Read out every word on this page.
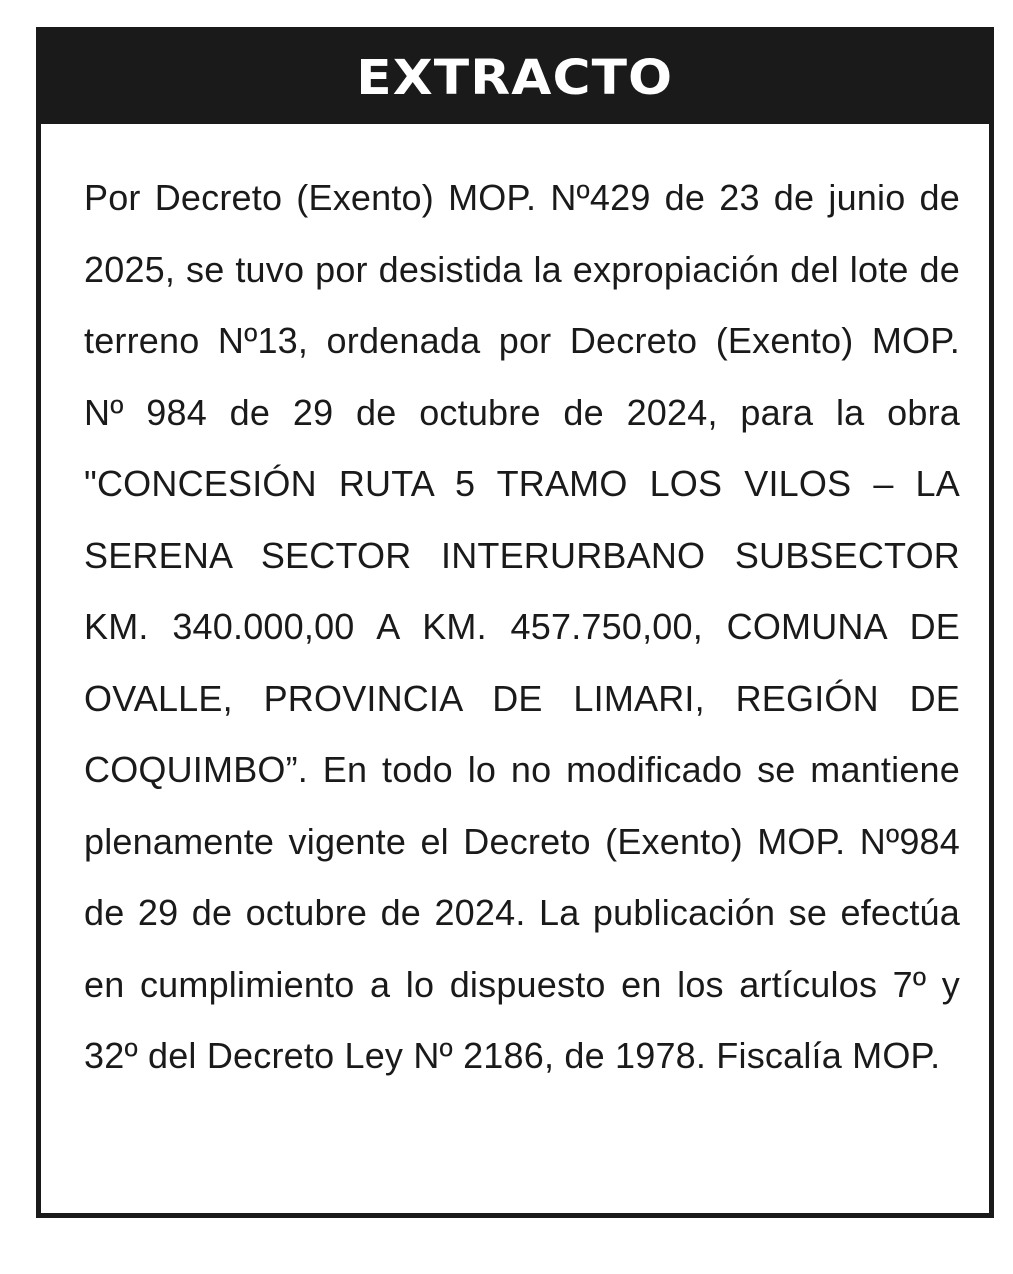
EXTRACTO

Por Decreto (Exento) MOP. Nº429 de 23 de junio de 2025, se tuvo por desistida la expropiación del lote de terreno Nº13, ordenada por Decreto (Exento) MOP. Nº 984 de 29 de octubre de 2024, para la obra "CONCESIÓN RUTA 5 TRAMO LOS VILOS – LA SERENA SECTOR INTERURBANO SUBSECTOR KM. 340.000,00 A KM. 457.750,00, COMUNA DE OVALLE, PROVINCIA DE LIMARI, REGIÓN DE COQUIMBO”. En todo lo no modificado se mantiene plenamente vigente el Decreto (Exento) MOP. Nº984 de 29 de octubre de 2024. La publicación se efectúa en cumplimiento a lo dispuesto en los artículos 7º y 32º del Decreto Ley Nº 2186, de 1978. Fiscalía MOP.
